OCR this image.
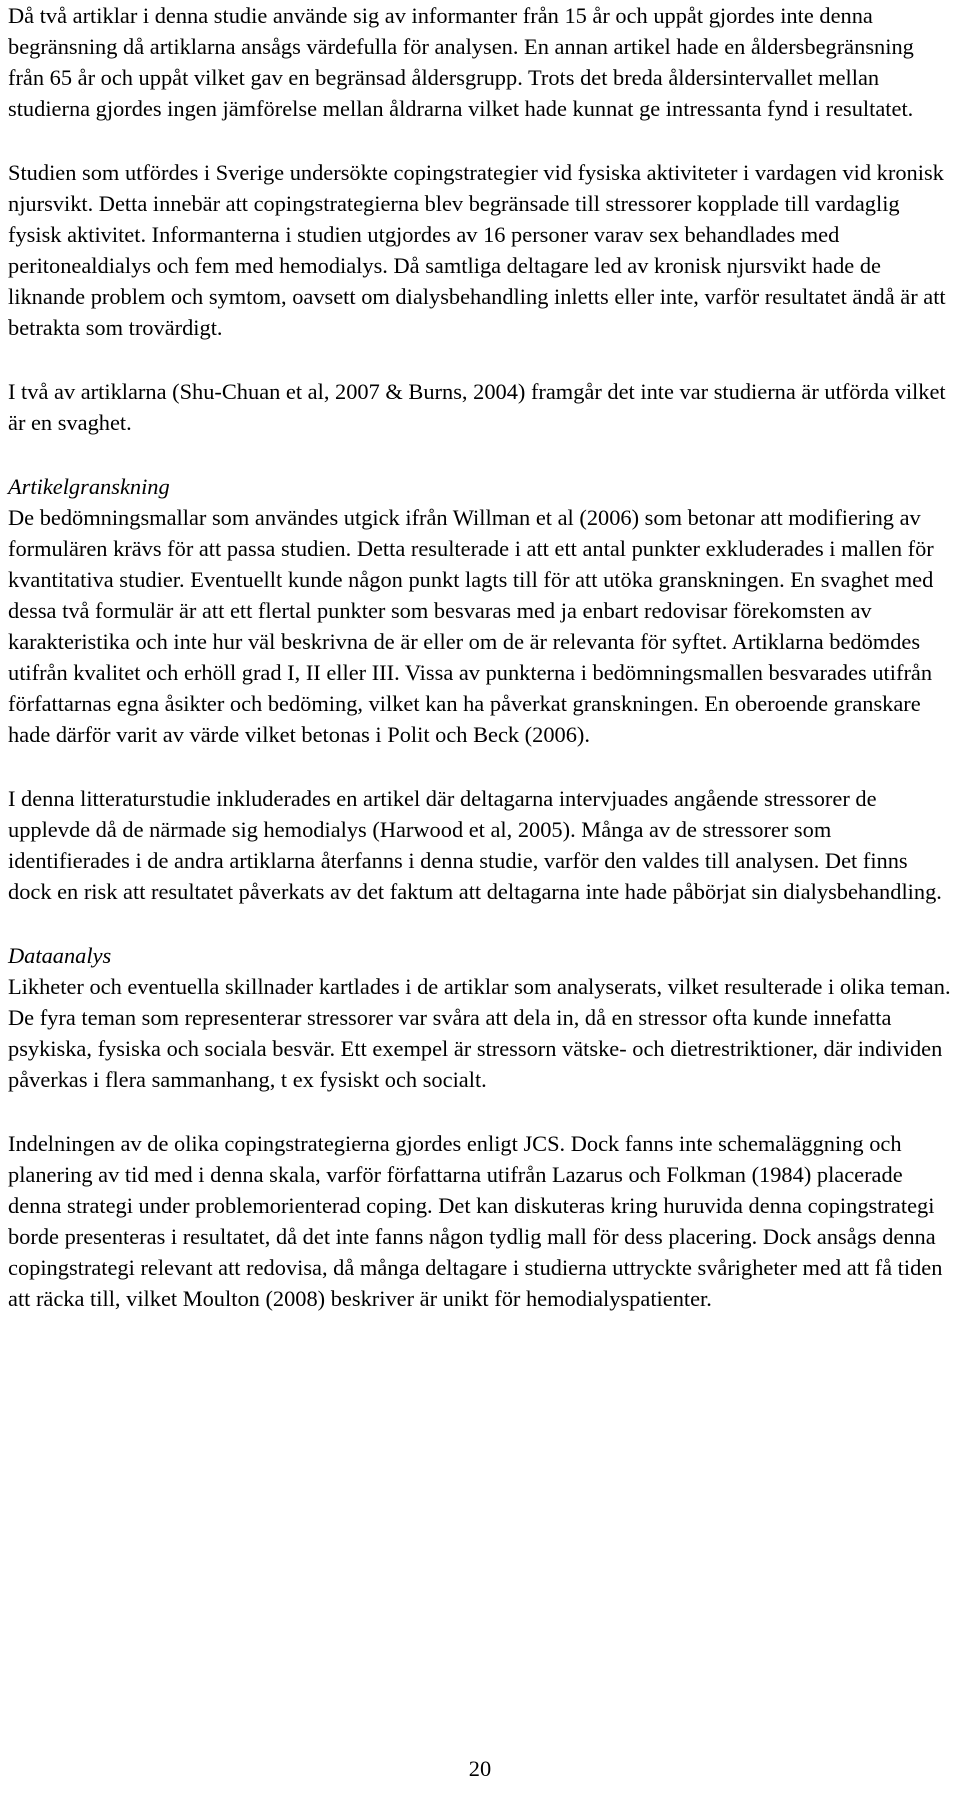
Då två artiklar i denna studie använde sig av informanter från 15 år och uppåt gjordes inte denna begränsning då artiklarna ansågs värdefulla för analysen. En annan artikel hade en åldersbegränsning från 65 år och uppåt vilket gav en begränsad åldersgrupp. Trots det breda åldersintervallet mellan studierna gjordes ingen jämförelse mellan åldrarna vilket hade kunnat ge intressanta fynd i resultatet.

Studien som utfördes i Sverige undersökte copingstrategier vid fysiska aktiviteter i vardagen vid kronisk njursvikt. Detta innebär att copingstrategierna blev begränsade till stressorer kopplade till vardaglig fysisk aktivitet. Informanterna i studien utgjordes av 16 personer varav sex behandlades med peritonealdialys och fem med hemodialys. Då samtliga deltagare led av kronisk njursvikt hade de liknande problem och symtom, oavsett om dialysbehandling inletts eller inte, varför resultatet ändå är att betrakta som trovärdigt.

I två av artiklarna (Shu-Chuan et al, 2007 & Burns, 2004) framgår det inte var studierna är utförda vilket är en svaghet.

Artikelgranskning

De bedömningsmallar som användes utgick ifrån Willman et al (2006) som betonar att modifiering av formulären krävs för att passa studien. Detta resulterade i att ett antal punkter exkluderades i mallen för kvantitativa studier. Eventuellt kunde någon punkt lagts till för att utöka granskningen. En svaghet med dessa två formulär är att ett flertal punkter som besvaras med ja enbart redovisar förekomsten av karakteristika och inte hur väl beskrivna de är eller om de är relevanta för syftet. Artiklarna bedömdes utifrån kvalitet och erhöll grad I, II eller III. Vissa av punkterna i bedömningsmallen besvarades utifrån författarnas egna åsikter och bedöming, vilket kan ha påverkat granskningen. En oberoende granskare hade därför varit av värde vilket betonas i Polit och Beck (2006).

I denna litteraturstudie inkluderades en artikel där deltagarna intervjuades angående stressorer de upplevde då de närmade sig hemodialys (Harwood et al, 2005). Många av de stressorer som identifierades i de andra artiklarna återfanns i denna studie, varför den valdes till analysen. Det finns dock en risk att resultatet påverkats av det faktum att deltagarna inte hade påbörjat sin dialysbehandling.

Dataanalys

Likheter och eventuella skillnader kartlades i de artiklar som analyserats, vilket resulterade i olika teman. De fyra teman som representerar stressorer var svåra att dela in, då en stressor ofta kunde innefatta psykiska, fysiska och sociala besvär. Ett exempel är stressorn vätske- och dietrestriktioner, där individen påverkas i flera sammanhang, t ex fysiskt och socialt.

Indelningen av de olika copingstrategierna gjordes enligt JCS. Dock fanns inte schemaläggning och planering av tid med i denna skala, varför författarna utifrån Lazarus och Folkman (1984) placerade denna strategi under problemorienterad coping. Det kan diskuteras kring huruvida denna copingstrategi borde presenteras i resultatet, då det inte fanns någon tydlig mall för dess placering. Dock ansågs denna copingstrategi relevant att redovisa, då många deltagare i studierna uttryckte svårigheter med att få tiden att räcka till, vilket Moulton (2008) beskriver är unikt för hemodialyspatienter.

20
